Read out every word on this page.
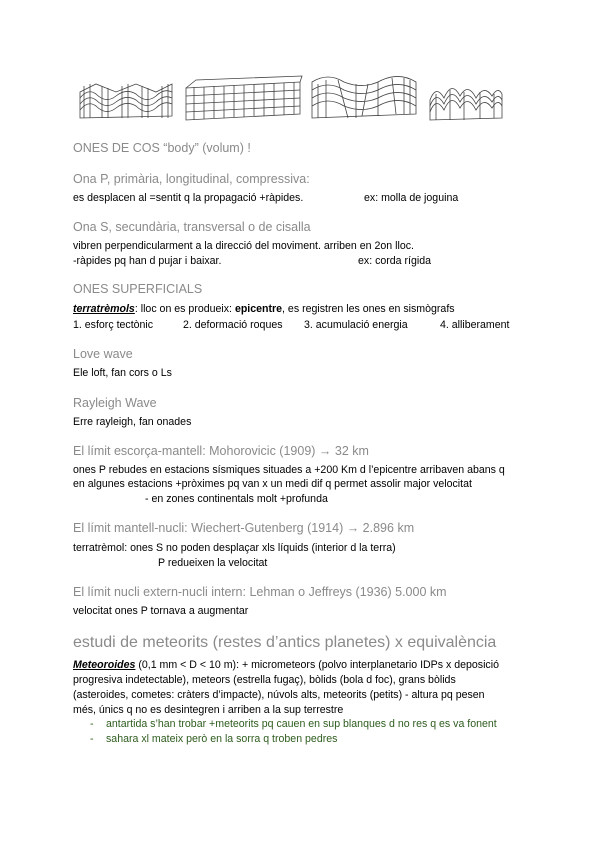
ONES DE COS “body” (volum) !
Ona P, primària, longitudinal, compressiva:
es desplacen al =sentit q la propagació +ràpides.	ex: molla de joguina
Ona S, secundària, transversal o de cisalla
vibren perpendicularment a la direcció del moviment. arriben en 2on lloc.
-ràpides pq han d pujar i baixar.	ex: corda rígida
ONES SUPERFICIALS
terratrèmols: lloc on es produeix: epicentre, es registren les ones en sismògrafs
1. esforç tectònic	2. deformació roques 3. acumulació energia	4. alliberament
Love wave
Ele loft, fan cors o Ls
Rayleigh Wave
Erre rayleigh, fan onades
El límit escorça-mantell: Mohorovicic (1909) → 32 km
ones P rebudes en estacions sísmiques situades a +200 Km d l’epicentre arribaven abans q
en algunes estacions +pròximes pq van x un medi dif q permet assolir major velocitat
- en zones continentals molt +profunda
El límit mantell-nucli: Wiechert-Gutenberg (1914) → 2.896 km
terratrèmol: ones S no poden desplaçar xls líquids (interior d la terra)
P redueixen la velocitat
El límit nucli extern-nucli intern: Lehman o Jeffreys (1936) 5.000 km
velocitat ones P tornava a augmentar
estudi de meteorits (restes d’antics planetes) x equivalència
Meteoroides (0,1 mm < D < 10 m): + micrometeors (polvo interplanetario IDPs x deposició
progresiva indetectable), meteors (estrella fugaç), bòlids (bola d foc), grans bòlids
(asteroides, cometes: cràters d’impacte), núvols alts, meteorits (petits) - altura pq pesen
més, únics q no es desintegren i arriben a la sup terrestre
- antartida s’han trobar +meteorits pq cauen en sup blanques d no res q es va fonent
- sahara xl mateix però en la sorra q troben pedres
